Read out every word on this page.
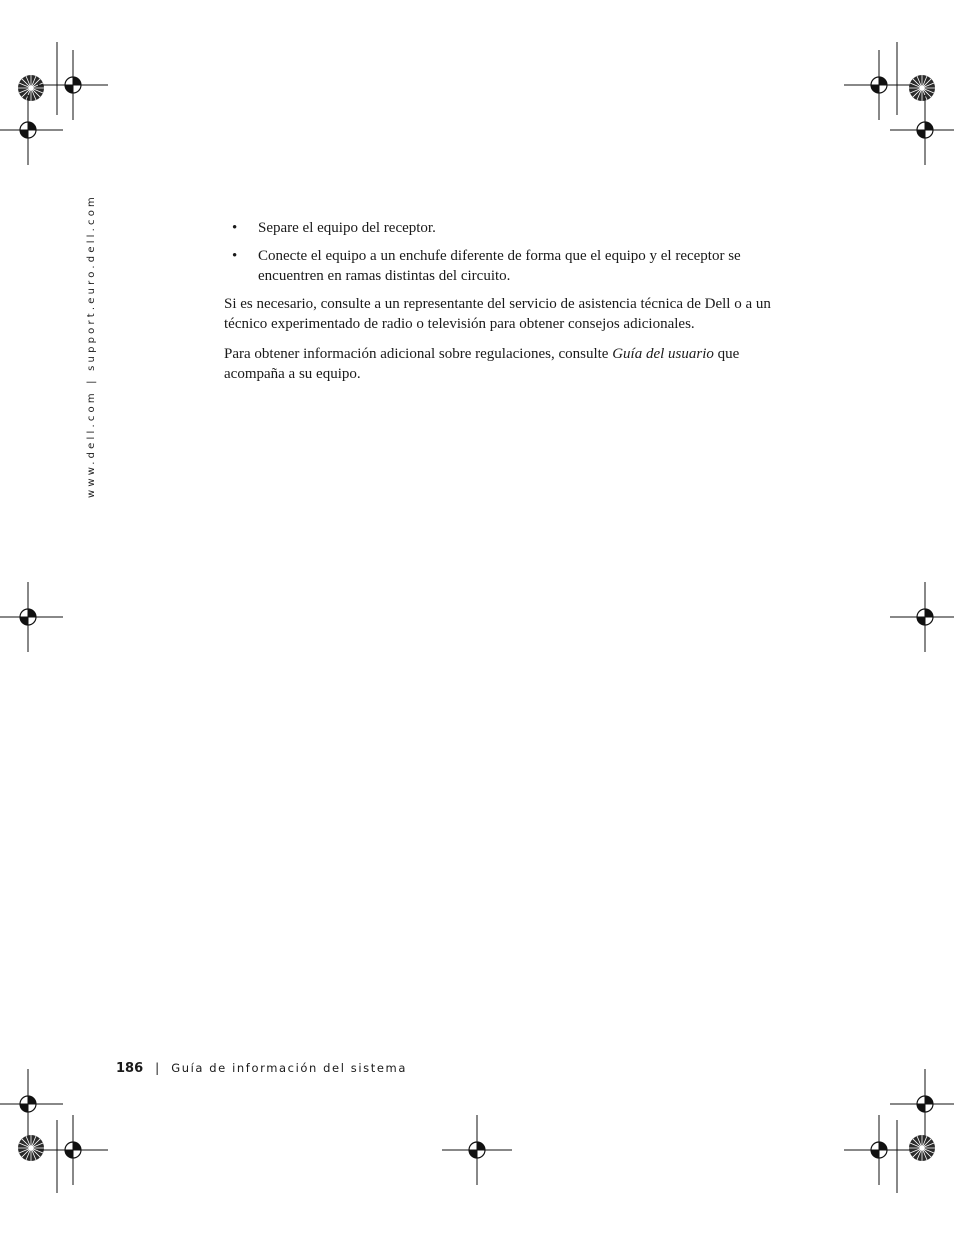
www.dell.com | support.euro.dell.com	• Separe el equipo del receptor.
• Conecte el equipo a un enchufe diferente de forma que el equipo y el receptor se encuentren en ramas distintas del circuito.

Si es necesario, consulte a un representante del servicio de asistencia técnica de Dell o a un técnico experimentado de radio o televisión para obtener consejos adicionales.

Para obtener información adicional sobre regulaciones, consulte Guía del usuario que acompaña a su equipo.

186 | Guía de información del sistema
